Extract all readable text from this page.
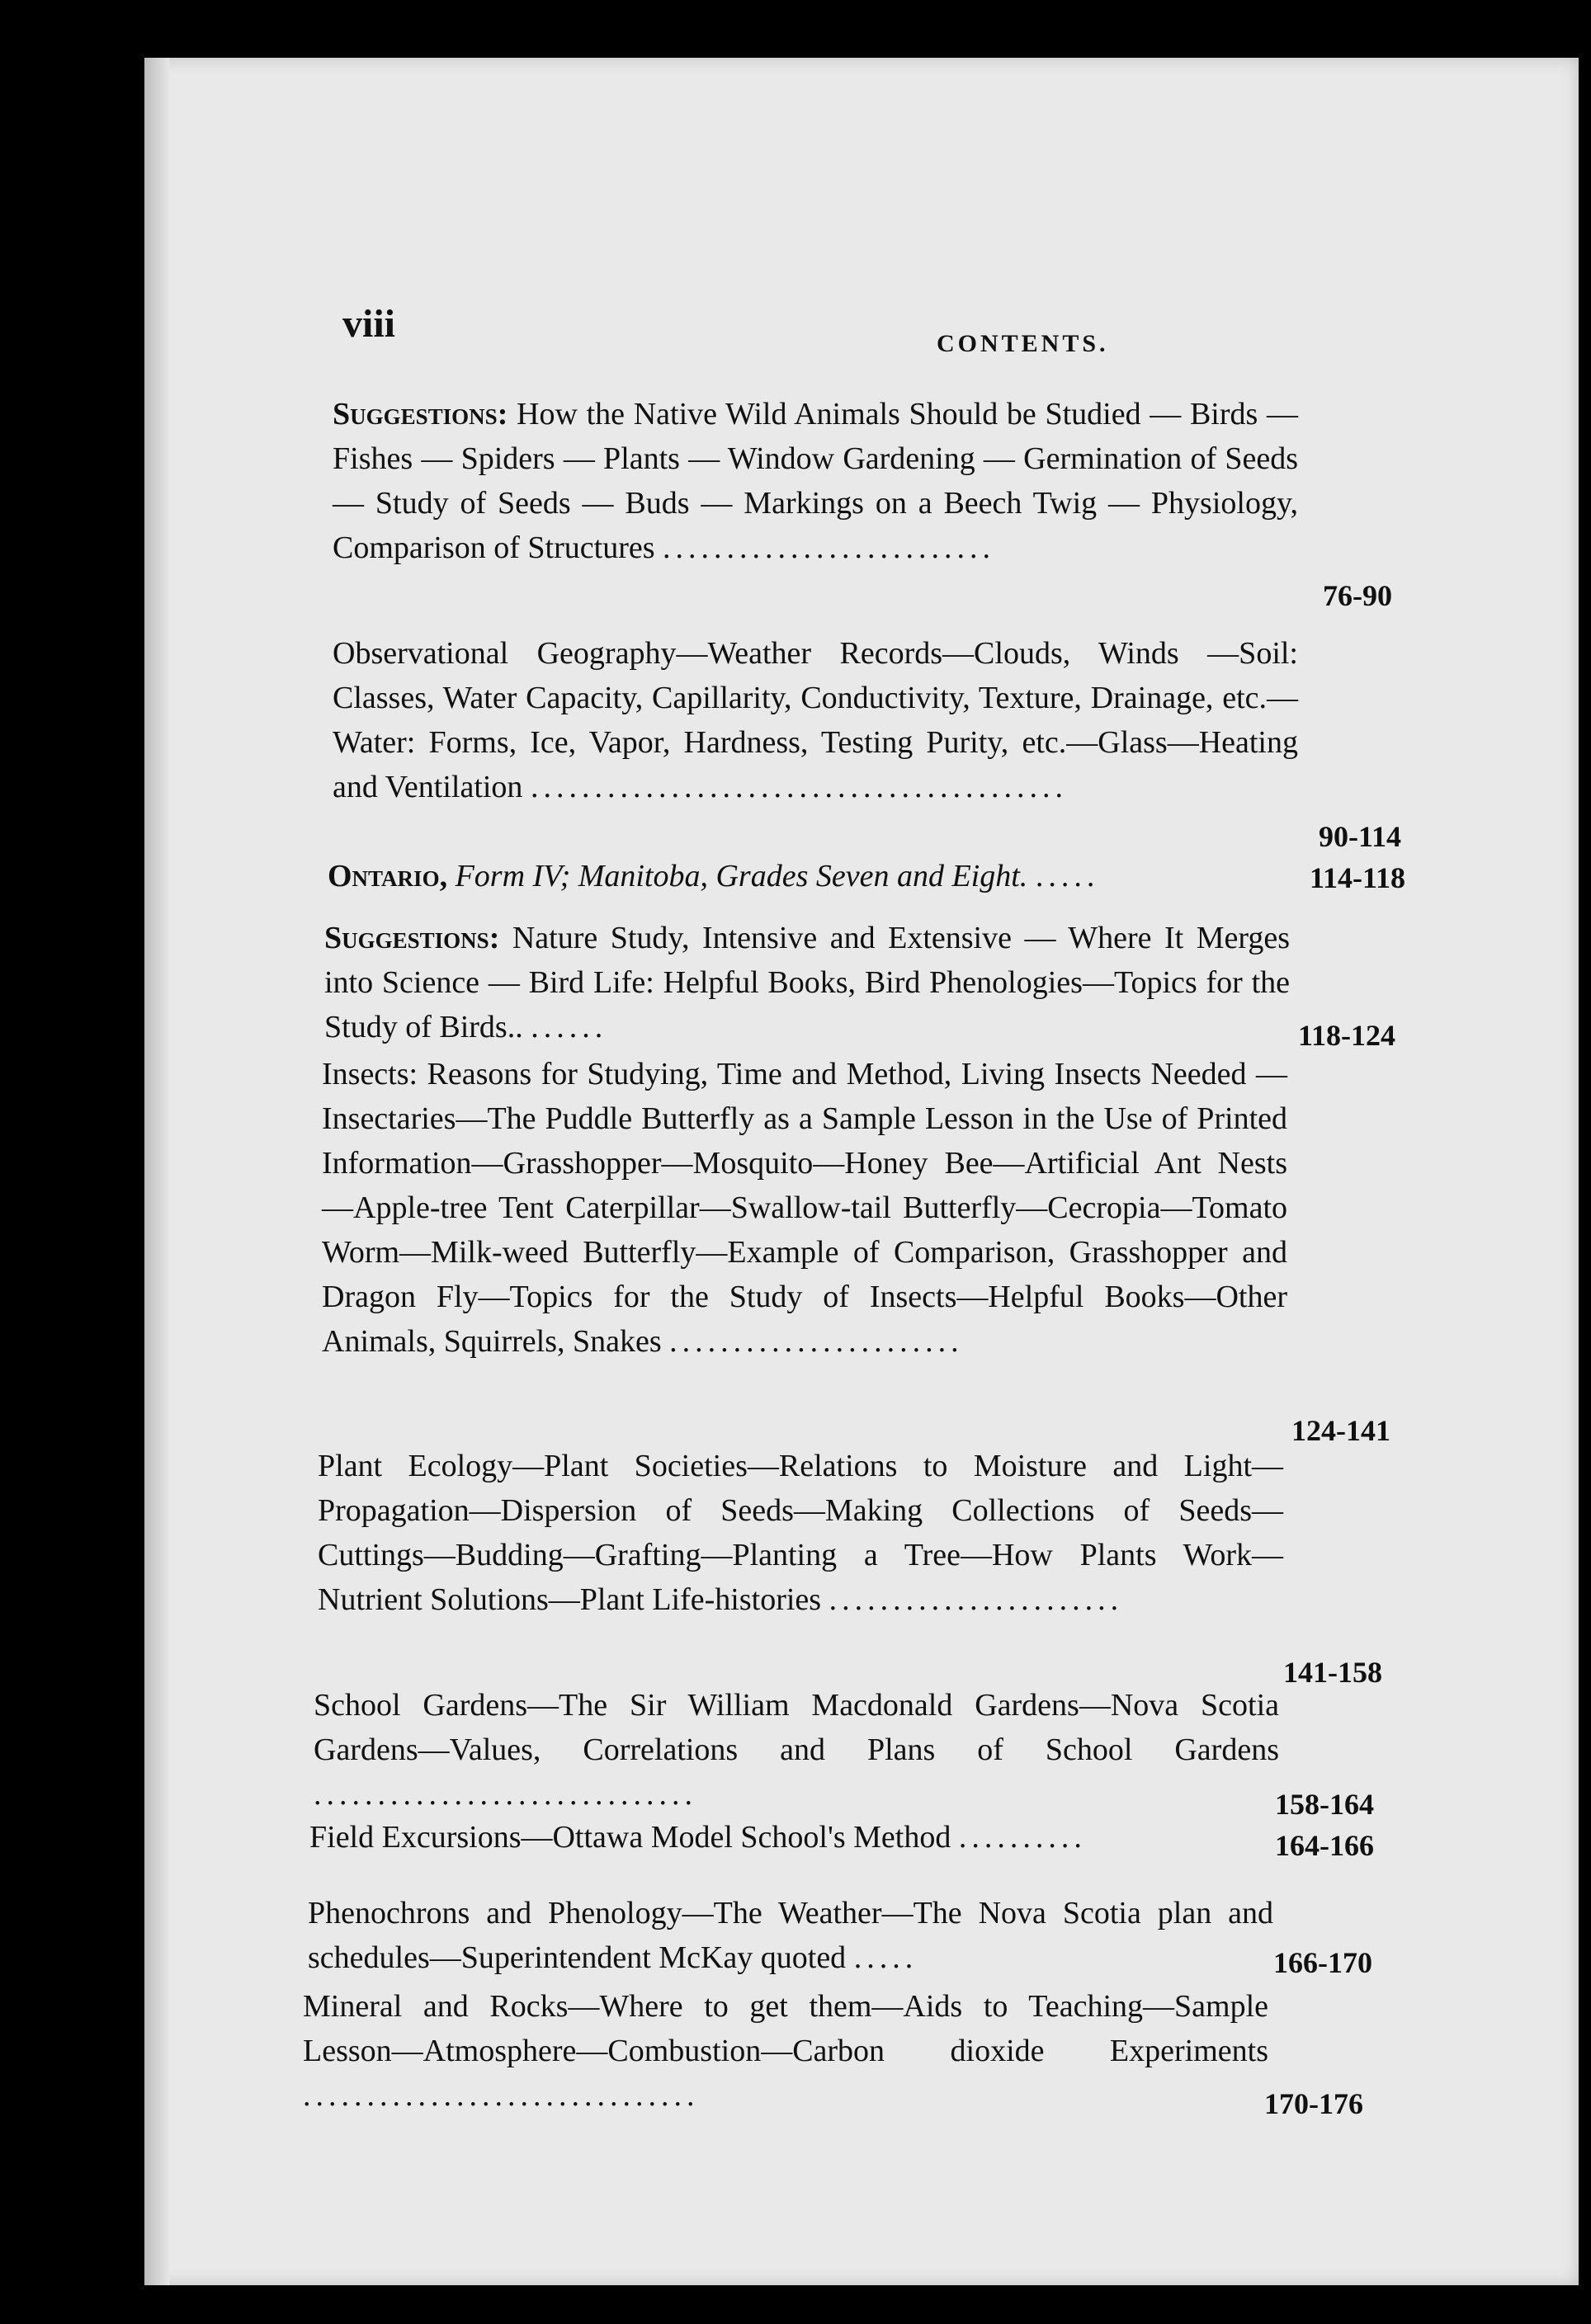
viii	CONTENTS.
Suggestions: How the Native Wild Animals Should be Studied — Birds — Fishes — Spiders — Plants — Window Gardening — Germination of Seeds — Study of Seeds — Buds — Markings on a Beech Twig — Physiology, Comparison of Structures ..........................
76-90
Observational Geography—Weather Records—Clouds, Winds —Soil: Classes, Water Capacity, Capillarity, Conductivity, Texture, Drainage, etc.—Water: Forms, Ice, Vapor, Hardness, Testing Purity, etc.—Glass—Heating and Ventilation ..........................................
90-114
Ontario, Form IV; Manitoba, Grades Seven and Eight. .....	114-118
Suggestions: Nature Study, Intensive and Extensive — Where It Merges into Science — Bird Life: Helpful Books, Bird Phenologies—Topics for the Study of Birds.. ......	118-124
Insects: Reasons for Studying, Time and Method, Living Insects Needed — Insectaries—The Puddle Butterfly as a Sample Lesson in the Use of Printed Information—Grasshopper—Mosquito—Honey Bee—Artificial Ant Nests—Apple-tree Tent Caterpillar—Swallow-tail Butterfly—Cecropia—Tomato Worm—Milk-weed Butterfly—Example of Comparison, Grasshopper and Dragon Fly—Topics for the Study of Insects—Helpful Books—Other Animals, Squirrels, Snakes .......................
124-141
Plant Ecology—Plant Societies—Relations to Moisture and Light—Propagation—Dispersion of Seeds—Making Collections of Seeds—Cuttings—Budding—Grafting—Planting a Tree—How Plants Work—Nutrient Solutions—Plant Life-histories .......................
141-158
School Gardens—The Sir William Macdonald Gardens—Nova Scotia Gardens—Values, Correlations and Plans of School Gardens ..............................	158-164
Field Excursions—Ottawa Model School's Method ..........	164-166
Phenochrons and Phenology—The Weather—The Nova Scotia plan and schedules—Superintendent McKay quoted .....	166-170
Mineral and Rocks—Where to get them—Aids to Teaching—Sample Lesson—Atmosphere—Combustion—Carbon dioxide Experiments ...............................	170-176
